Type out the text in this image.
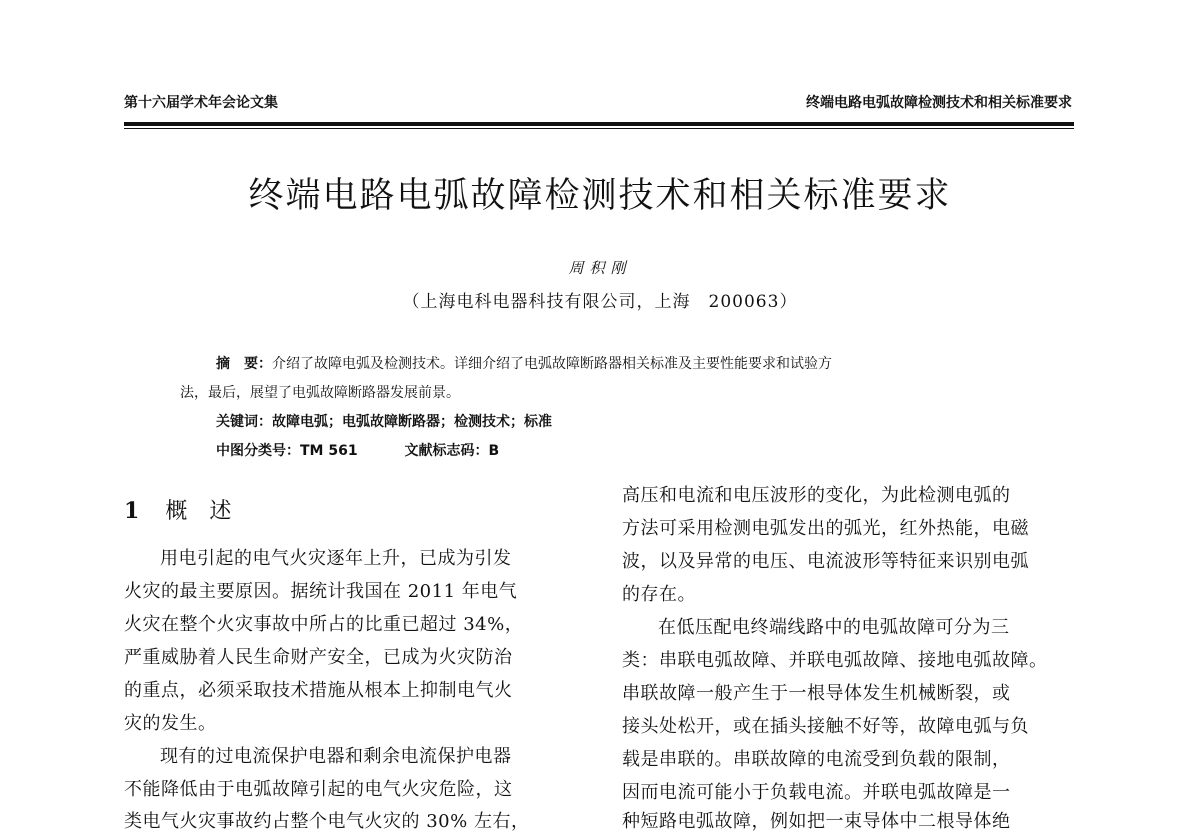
第十六届学术年会论文集	终端电路电弧故障检测技术和相关标准要求
终端电路电弧故障检测技术和相关标准要求
周积刚
（上海电科电器科技有限公司，上海　200063）
摘　要：介绍了故障电弧及检测技术。详细介绍了电弧故障断路器相关标准及主要性能要求和试验方
法，最后，展望了电弧故障断路器发展前景。
关键词：故障电弧；电弧故障断路器；检测技术；标准
中图分类号：TM 561	文献标志码：B
1 概述
用电引起的电气火灾逐年上升，已成为引发
火灾的最主要原因。据统计我国在 2011 年电气
火灾在整个火灾事故中所占的比重已超过 34%，
严重威胁着人民生命财产安全，已成为火灾防治
的重点，必须采取技术措施从根本上抑制电气火
灾的发生。
现有的过电流保护电器和剩余电流保护电器
不能降低由于电弧故障引起的电气火灾危险，这
类电气火灾事故约占整个电气火灾的 30% 左右，
高压和电流和电压波形的变化，为此检测电弧的
方法可采用检测电弧发出的弧光，红外热能，电磁
波，以及异常的电压、电流波形等特征来识别电弧
的存在。
在低压配电终端线路中的电弧故障可分为三
类：串联电弧故障、并联电弧故障、接地电弧故障。
串联故障一般产生于一根导体发生机械断裂，或
接头处松开，或在插头接触不好等，故障电弧与负
载是串联的。串联故障的电流受到负载的限制，
因而电流可能小于负载电流。并联电弧故障是一
种短路电弧故障，例如把一束导体中二根导体绝
